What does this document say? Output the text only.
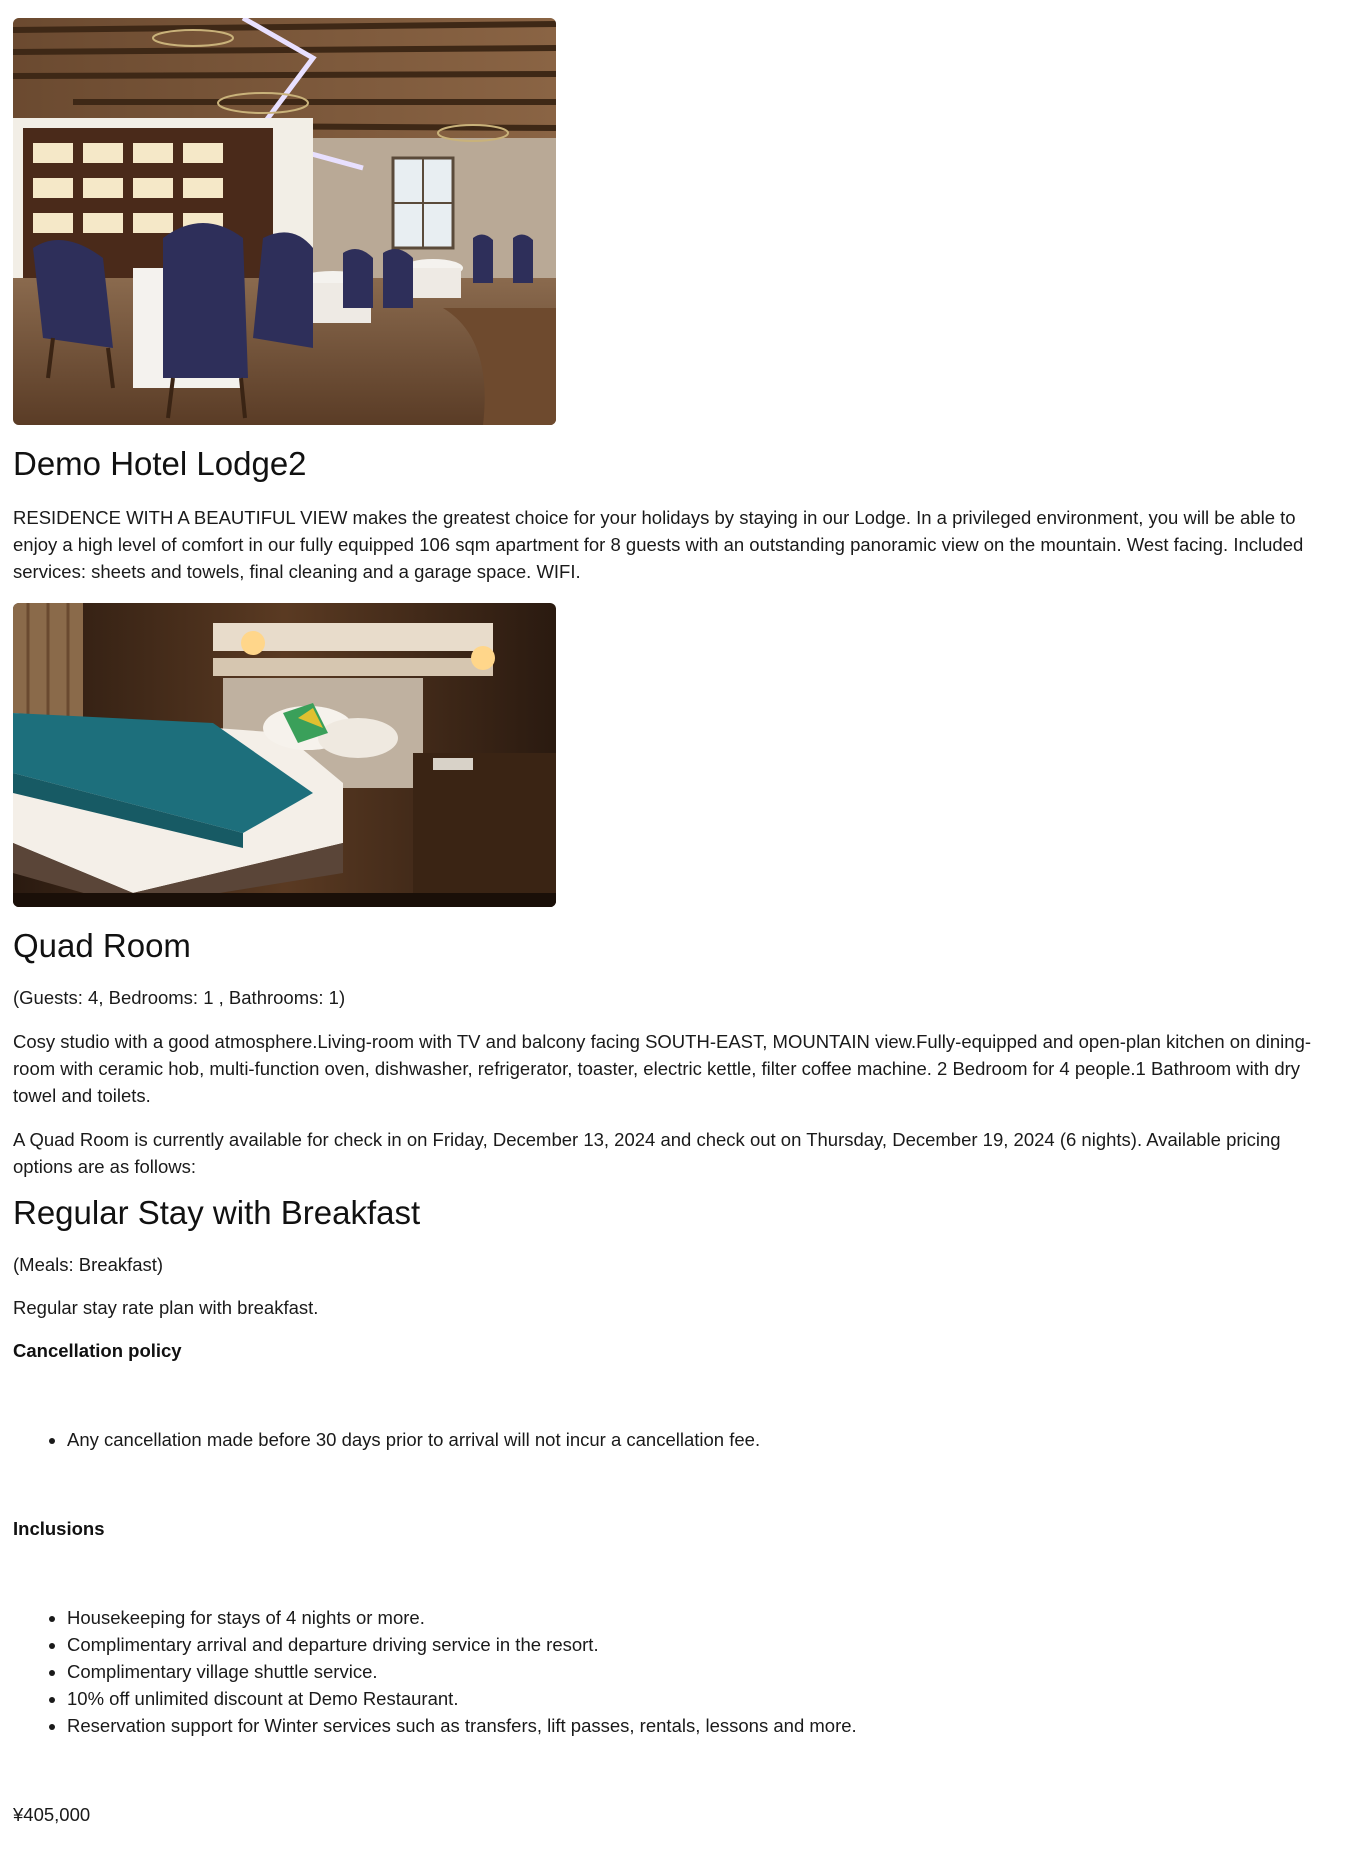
Demo Hotel Lodge2

RESIDENCE WITH A BEAUTIFUL VIEW makes the greatest choice for your holidays by staying in our Lodge. In a privileged environment, you will be able to enjoy a high level of comfort in our fully equipped 106 sqm apartment for 8 guests with an outstanding panoramic view on the mountain. West facing. Included services: sheets and towels, final cleaning and a garage space. WIFI.

Quad Room

(Guests: 4, Bedrooms: 1 , Bathrooms: 1)

Cosy studio with a good atmosphere.Living-room with TV and balcony facing SOUTH-EAST, MOUNTAIN view.Fully-equipped and open-plan kitchen on dining-room with ceramic hob, multi-function oven, dishwasher, refrigerator, toaster, electric kettle, filter coffee machine. 2 Bedroom for 4 people.1 Bathroom with dry towel and toilets.

A Quad Room is currently available for check in on Friday, December 13, 2024 and check out on Thursday, December 19, 2024 (6 nights). Available pricing options are as follows:

Regular Stay with Breakfast

(Meals: Breakfast)

Regular stay rate plan with breakfast.

Cancellation policy
• Any cancellation made before 30 days prior to arrival will not incur a cancellation fee.
Inclusions
• Housekeeping for stays of 4 nights or more.
• Complimentary arrival and departure driving service in the resort.
• Complimentary village shuttle service.
• 10% off unlimited discount at Demo Restaurant.
• Reservation support for Winter services such as transfers, lift passes, rentals, lessons and more.

¥405,000
